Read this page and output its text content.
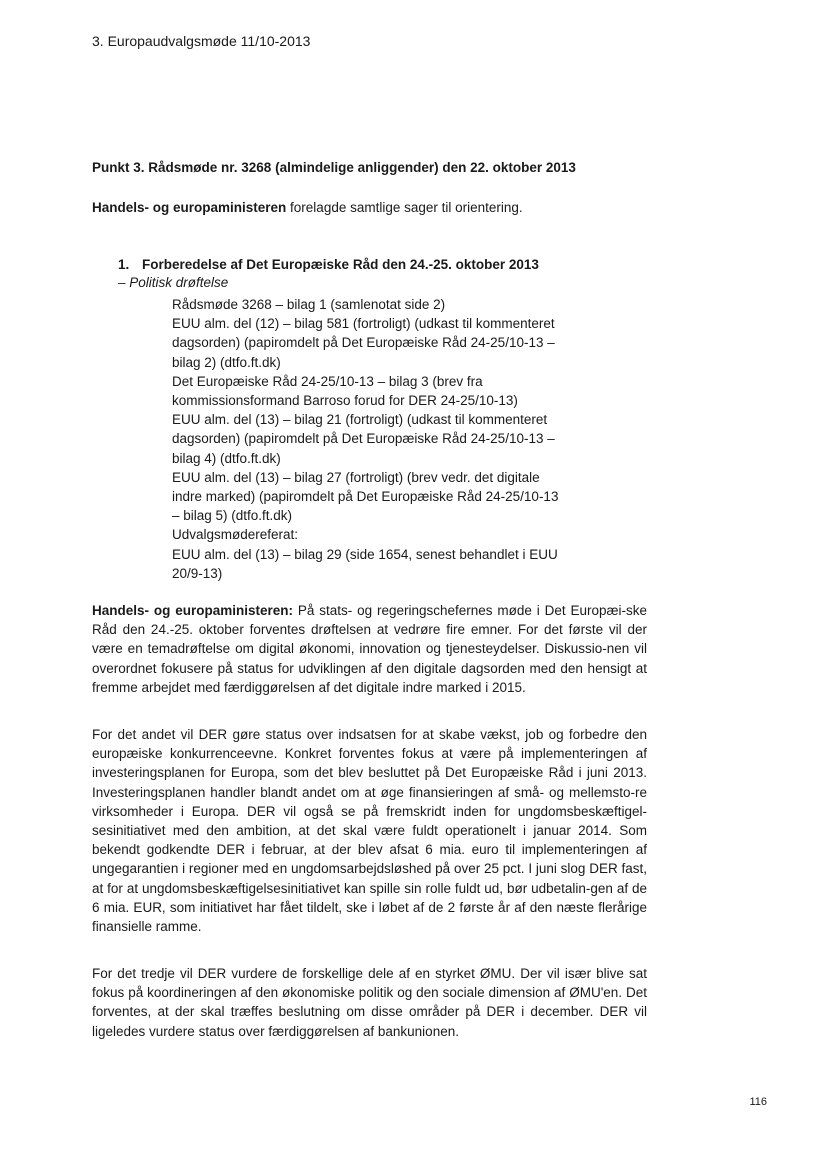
3. Europaudvalgsmøde 11/10-2013
Punkt 3. Rådsmøde nr. 3268 (almindelige anliggender) den 22. oktober 2013
Handels- og europaministeren forelagde samtlige sager til orientering.
1. Forberedelse af Det Europæiske Råd den 24.-25. oktober 2013
– Politisk drøftelse
Rådsmøde 3268 – bilag 1 (samlenotat side 2)
EUU alm. del (12) – bilag 581 (fortroligt) (udkast til kommenteret
dagsorden) (papiromdelt på Det Europæiske Råd 24-25/10-13 –
bilag 2) (dtfo.ft.dk)
Det Europæiske Råd 24-25/10-13 – bilag 3 (brev fra
kommissionsformand Barroso forud for DER 24-25/10-13)
EUU alm. del (13) – bilag 21 (fortroligt) (udkast til kommenteret
dagsorden) (papiromdelt på Det Europæiske Råd 24-25/10-13 –
bilag 4) (dtfo.ft.dk)
EUU alm. del (13) – bilag 27 (fortroligt) (brev vedr. det digitale
indre marked) (papiromdelt på Det Europæiske Råd 24-25/10-13
– bilag 5) (dtfo.ft.dk)
Udvalgsmødereferat:
EUU alm. del (13) – bilag 29 (side 1654, senest behandlet i EUU
20/9-13)
Handels- og europaministeren: På stats- og regeringschefernes møde i Det Europæi-ske Råd den 24.-25. oktober forventes drøftelsen at vedrøre fire emner. For det første vil der være en temadrøftelse om digital økonomi, innovation og tjenesteydelser. Diskussio-nen vil overordnet fokusere på status for udviklingen af den digitale dagsorden med den hensigt at fremme arbejdet med færdiggørelsen af det digitale indre marked i 2015.
For det andet vil DER gøre status over indsatsen for at skabe vækst, job og forbedre den europæiske konkurrenceevne. Konkret forventes fokus at være på implementeringen af investeringsplanen for Europa, som det blev besluttet på Det Europæiske Råd i juni 2013. Investeringsplanen handler blandt andet om at øge finansieringen af små- og mellemsto-re virksomheder i Europa. DER vil også se på fremskridt inden for ungdomsbeskæftigel-sesinitiativet med den ambition, at det skal være fuldt operationelt i januar 2014. Som bekendt godkendte DER i februar, at der blev afsat 6 mia. euro til implementeringen af ungegarantien i regioner med en ungdomsarbejdsløshed på over 25 pct. I juni slog DER fast, at for at ungdomsbeskæftigelsesinitiativet kan spille sin rolle fuldt ud, bør udbetalin-gen af de 6 mia. EUR, som initiativet har fået tildelt, ske i løbet af de 2 første år af den næste flerårige finansielle ramme.
For det tredje vil DER vurdere de forskellige dele af en styrket ØMU. Der vil især blive sat fokus på koordineringen af den økonomiske politik og den sociale dimension af ØMU'en. Det forventes, at der skal træffes beslutning om disse områder på DER i december. DER vil ligeledes vurdere status over færdiggørelsen af bankunionen.
116
